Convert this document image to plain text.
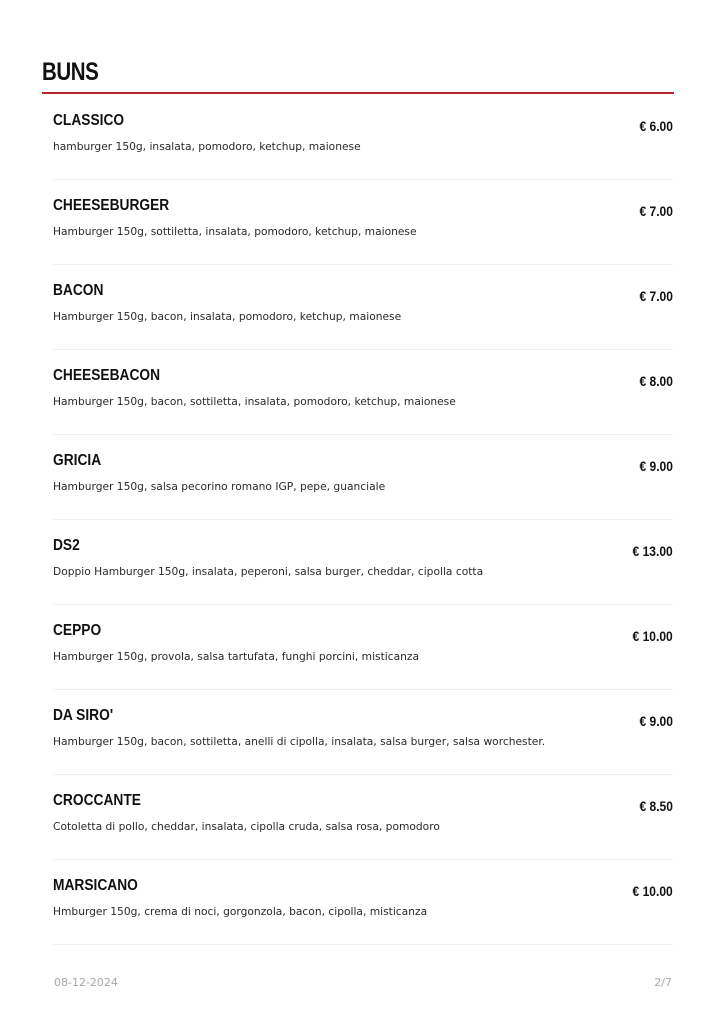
BUNS
CLASSICO
hamburger 150g, insalata, pomodoro, ketchup, maionese
€ 6.00
CHEESEBURGER
Hamburger 150g, sottiletta, insalata, pomodoro, ketchup, maionese
€ 7.00
BACON
Hamburger 150g, bacon, insalata, pomodoro, ketchup, maionese
€ 7.00
CHEESEBACON
Hamburger 150g, bacon, sottiletta, insalata, pomodoro, ketchup, maionese
€ 8.00
GRICIA
Hamburger 150g, salsa pecorino romano IGP, pepe, guanciale
€ 9.00
DS2
Doppio Hamburger 150g, insalata, peperoni, salsa burger, cheddar, cipolla cotta
€ 13.00
CEPPO
Hamburger 150g, provola, salsa tartufata, funghi porcini, misticanza
€ 10.00
DA SIRO'
Hamburger 150g, bacon, sottiletta, anelli di cipolla, insalata, salsa burger, salsa worchester.
€ 9.00
CROCCANTE
Cotoletta di pollo, cheddar, insalata, cipolla cruda, salsa rosa, pomodoro
€ 8.50
MARSICANO
Hmburger 150g, crema di noci, gorgonzola, bacon, cipolla, misticanza
€ 10.00
08-12-2024	2/7
